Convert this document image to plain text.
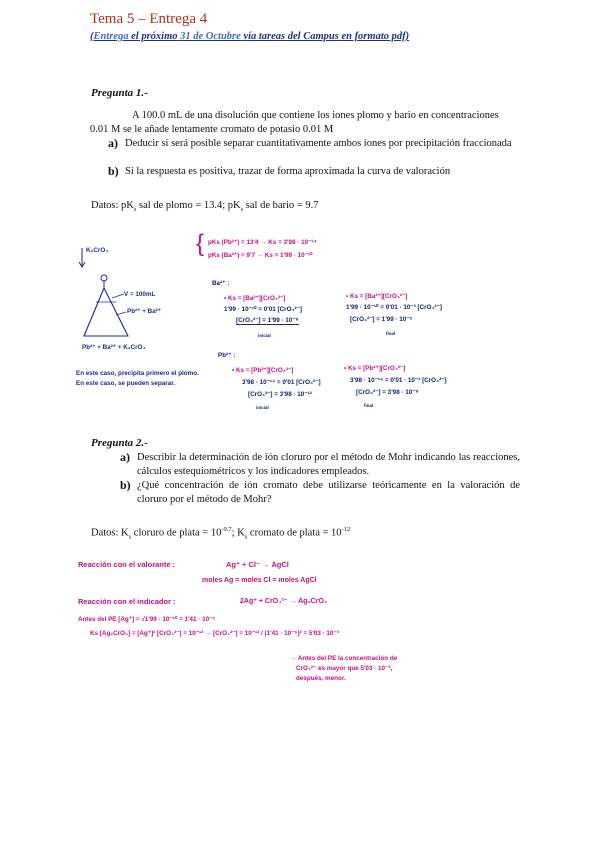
Tema 5 – Entrega 4
(Entrega el próximo 31 de Octubre vía tareas del Campus en formato pdf)
Pregunta 1.-
A 100.0 mL de una disolución que contiene los iones plomo y bario en concentraciones
0.01 M se le añade lentamente cromato de potasio 0.01 M
a) Deducir si será posible separar cuantitativamente ambos iones por precipitación fraccionada
b) Si la respuesta es positiva, trazar de forma aproximada la curva de valoración
Datos: $pK_s$ sal de plomo = 13.4; $pK_s$ sal de bario = 9.7
K₂CrO₄
V = 100mL
Pb²⁺ + Ba²⁺
Pb²⁺ + Ba²⁺ + K₂CrO₄
En este caso, precipita primero el plomo.
En este caso, se pueden separar.
{ pKs (Pb²⁺) = 13'4 → Ks = 3'98 · 10⁻¹⁴
pKs (Ba²⁺) = 9'7 → Ks = 1'99 · 10⁻¹⁰
Ba²⁺ :
• Ks = [Ba²⁺][CrO₄²⁻]
1'99 · 10⁻¹⁰ = 0'01 [CrO₄²⁻]
[CrO₄²⁻] = 1'99 · 10⁻⁸
inicial
• Ks = [Ba²⁺][CrO₄²⁻]
1'99 · 10⁻¹⁰ = 0'01 · 10⁻³ [CrO₄²⁻]
[CrO₄²⁻] = 1'99 · 10⁻⁵
final
Pb²⁺ :
• Ks = [Pb²⁺][CrO₄²⁻]
3'98 · 10⁻¹⁴ = 0'01 [CrO₄²⁻]
[CrO₄²⁻] = 3'98 · 10⁻¹²
inicial
• Ks = [Pb²⁺][CrO₄²⁻]
3'98 · 10⁻¹⁴ = 0'01 · 10⁻³ [CrO₄²⁻]
[CrO₄²⁻] = 3'98 · 10⁻⁹
final
Pregunta 2.-
a) Describir la determinación de ión cloruro por el método de Mohr indicando las reacciones, cálculos estequiométricos y los indicadores empleados.
b) ¿Qué concentración de ión cromato debe utilizarse teóricamente en la valoración de cloruro por el método de Mohr?
Datos: $K_s$ cloruro de plata = $10^{-9.7}$; $K_s$ cromato de plata = $10^{-12}$
Reacción con el valorante :	Ag⁺ + Cl⁻ → AgCl
moles Ag = moles Cl = moles AgCl
Reacción con el indicador :	2Ag⁺ + CrO₄²⁻ → Ag₂CrO₄
Antes del PE [Ag⁺] = √1'99 · 10⁻¹⁰ = 1'41 · 10⁻⁵
Ks [Ag₂CrO₄] = [Ag⁺]² [CrO₄²⁻] = 10⁻¹² → [CrO₄²⁻] = 10⁻¹² / (1'41 · 10⁻⁵)² = 5'03 · 10⁻³
→ Antes del PE la concentración de
CrO₄²⁻ es mayor que 5'03 · 10⁻³,
después, menor.
